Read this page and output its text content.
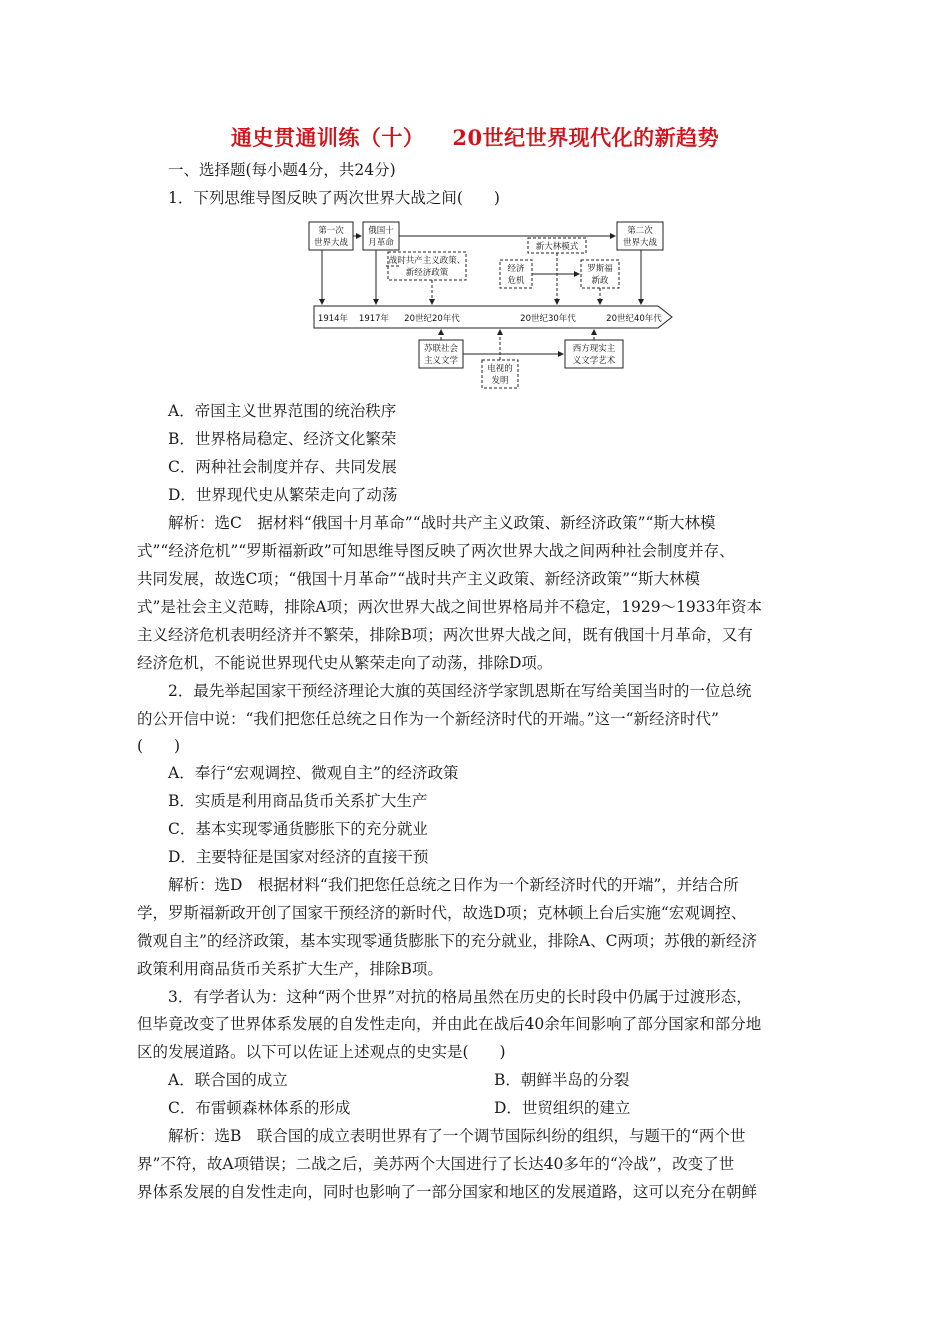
通史贯通训练（十） 20世纪世界现代化的新趋势
一、选择题(每小题4分，共24分)
1．下列思维导图反映了两次世界大战之间(　　)
第一次
世界大战
俄国十
月革命
第二次
世界大战
战时共产主义政策、
新经济政策
新大林模式
经济
危机
罗斯福
新政
苏联社会
主义文学
西方现实主
义文学艺术
电视的
发明
1914年 1917年 20世纪20年代	20世纪30年代	20世纪40年代
A．帝国主义世界范围的统治秩序
B．世界格局稳定、经济文化繁荣
C．两种社会制度并存、共同发展
D．世界现代史从繁荣走向了动荡
解析：选C　据材料“俄国十月革命”“战时共产主义政策、新经济政策”“斯大林模
式”“经济危机”“罗斯福新政”可知思维导图反映了两次世界大战之间两种社会制度并存、
共同发展，故选C项；“俄国十月革命”“战时共产主义政策、新经济政策”“斯大林模
式”是社会主义范畴，排除A项；两次世界大战之间世界格局并不稳定，1929～1933年资本
主义经济危机表明经济并不繁荣，排除B项；两次世界大战之间，既有俄国十月革命，又有
经济危机，不能说世界现代史从繁荣走向了动荡，排除D项。
2．最先举起国家干预经济理论大旗的英国经济学家凯恩斯在写给美国当时的一位总统
的公开信中说：“我们把您任总统之日作为一个新经济时代的开端。”这一“新经济时代”
(　　)
A．奉行“宏观调控、微观自主”的经济政策
B．实质是利用商品货币关系扩大生产
C．基本实现零通货膨胀下的充分就业
D．主要特征是国家对经济的直接干预
解析：选D　根据材料“我们把您任总统之日作为一个新经济时代的开端”，并结合所
学，罗斯福新政开创了国家干预经济的新时代，故选D项；克林顿上台后实施“宏观调控、
微观自主”的经济政策，基本实现零通货膨胀下的充分就业，排除A、C两项；苏俄的新经济
政策利用商品货币关系扩大生产，排除B项。
3．有学者认为：这种“两个世界”对抗的格局虽然在历史的长时段中仍属于过渡形态，
但毕竟改变了世界体系发展的自发性走向，并由此在战后40余年间影响了部分国家和部分地
区的发展道路。以下可以佐证上述观点的史实是(　　)
A．联合国的成立	B．朝鲜半岛的分裂
C．布雷顿森林体系的形成	D．世贸组织的建立
解析：选B　联合国的成立表明世界有了一个调节国际纠纷的组织，与题干的“两个世
界”不符，故A项错误；二战之后，美苏两个大国进行了长达40多年的“冷战”，改变了世
界体系发展的自发性走向，同时也影响了一部分国家和地区的发展道路，这可以充分在朝鲜
